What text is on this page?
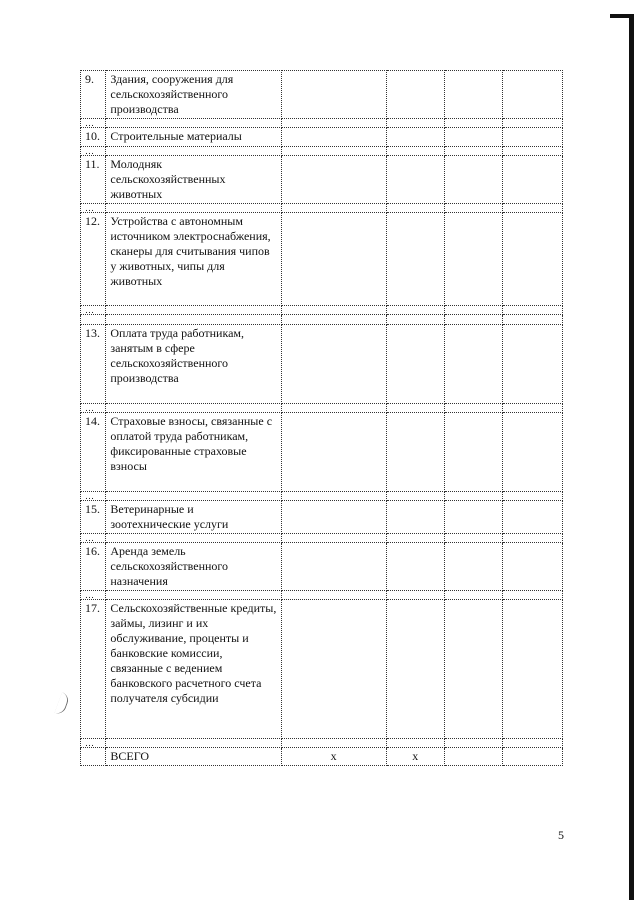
9.	Здания, сооружения для сельскохозяйственного производства				
…					
10.	Строительные материалы				
…					
11.	Молодняк сельскохозяйственных животных				
…					
12.	Устройства с автономным источником электроснабжения, сканеры для считывания чипов у животных, чипы для животных				
…					

13.	Оплата труда работникам, занятым в сфере сельскохозяйственного производства				
…					
14.	Страховые взносы, связанные с оплатой труда работникам, фиксированные страховые взносы				
…					
15.	Ветеринарные и зоотехнические услуги				
…					
16.	Аренда земель сельскохозяйственного назначения				
…					
17.	Сельскохозяйственные кредиты, займы, лизинг и их обслуживание, проценты и банковские комиссии, связанные с ведением банковского расчетного счета получателя субсидии				
…					
	ВСЕГО	x	x		
5
